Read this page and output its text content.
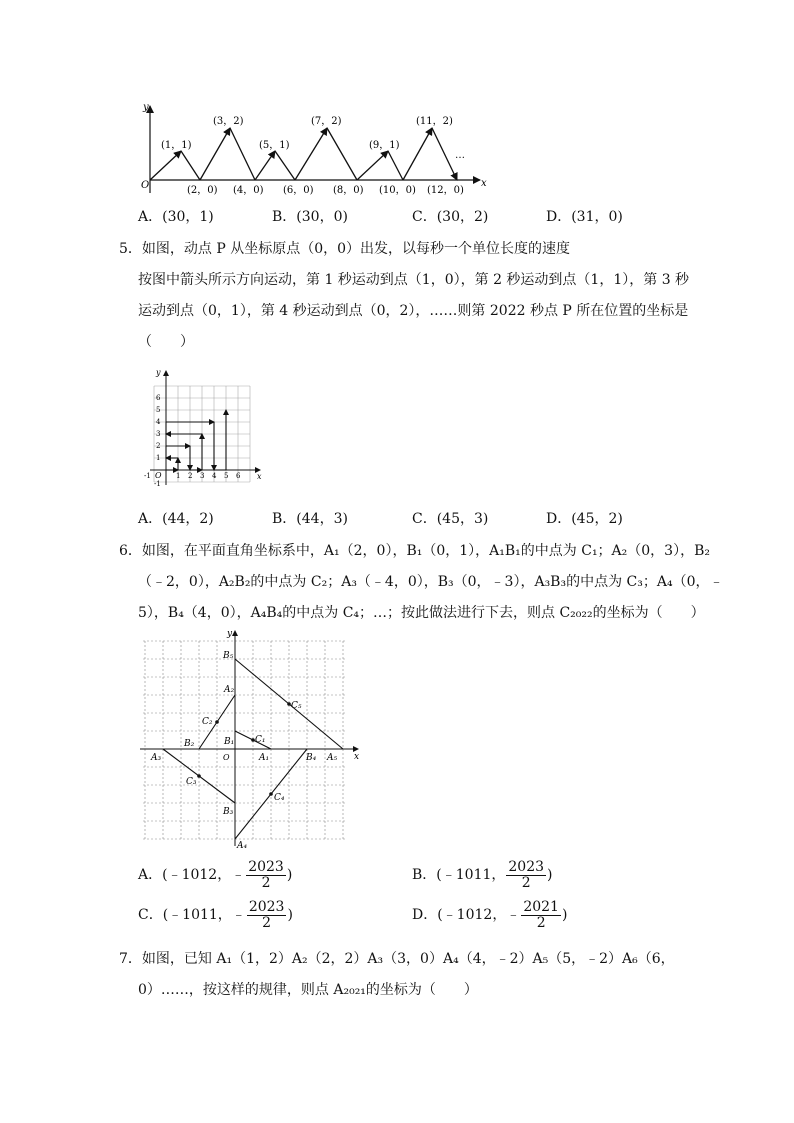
y
x
O
(1，1)
(3，2)
(5，1)
(7，2)
(9，1)
(11，2)
(2，0) (4，0) (6，0) (8，0) (10，0) (12，0)
…
A．(30，1)	B．(30，0)	C．(30，2)	D．(31，0)
5．如图，动点 P 从坐标原点（0，0）出发，以每秒一个单位长度的速度
按图中箭头所示方向运动，第 1 秒运动到点（1，0），第 2 秒运动到点（1，1），第 3 秒
运动到点（0，1），第 4 秒运动到点（0，2），……则第 2022 秒点 P 所在位置的坐标是
（　　）
y
x
O
6
5
4
3
2
1
-1
-1	1 2 3 4 5 6
A．(44，2)	B．(44，3)	C．(45，3)	D．(45，2)
6．如图，在平面直角坐标系中，A₁（2，0），B₁（0，1），A₁B₁的中点为 C₁；A₂（0，3），B₂
（﹣2，0），A₂B₂的中点为 C₂；A₃（﹣4，0），B₃（0，﹣3），A₃B₃的中点为 C₃；A₄（0，﹣
5），B₄（4，0），A₄B₄的中点为 C₄；…；按此做法进行下去，则点 C₂₀₂₂的坐标为（　　）
y
x
O
B₅
A₂
C₅
C₂
C₁
B₂	B₁
A₃	A₁	B₄ A₅
C₃
B₃
C₄
A₄
A．(﹣1012，﹣ $\frac{2023}{2}$ )	B．(﹣1011， $\frac{2023}{2}$ )
C．(﹣1011，﹣ $\frac{2023}{2}$ )	D．(﹣1012，﹣ $\frac{2021}{2}$ )
7．如图，已知 A₁（1，2）A₂（2，2）A₃（3，0）A₄（4，﹣2）A₅（5，﹣2）A₆（6，
0）……，按这样的规律，则点 A₂₀₂₁的坐标为（　　）
